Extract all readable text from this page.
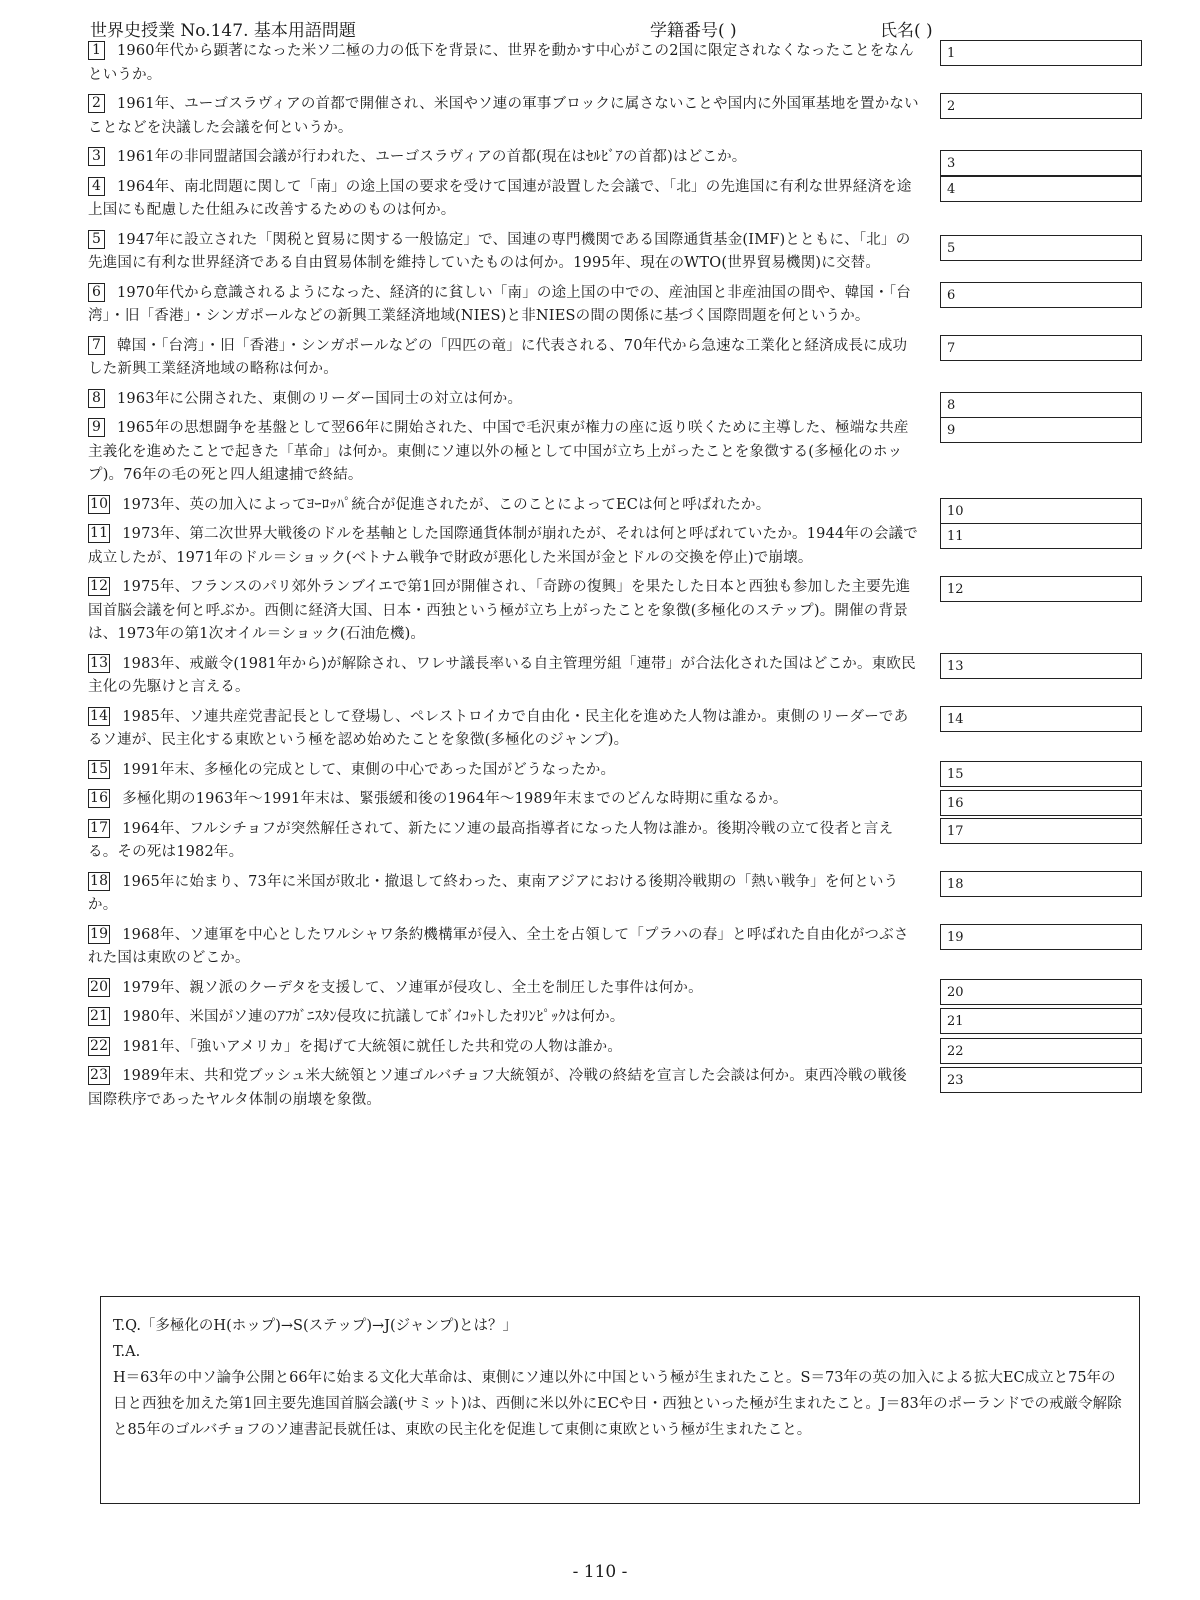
世界史授業 No.147. 基本用語問題	学籍番号( )	氏名( )
1 1960年代から顕著になった米ソ二極の力の低下を背景に、世界を動かす中心がこの2国に限定されなくなったことをなんというか。
1
2 1961年、ユーゴスラヴィアの首都で開催され、米国やソ連の軍事ブロックに属さないことや国内に外国軍基地を置かないことなどを決議した会議を何というか。
2
3 1961年の非同盟諸国会議が行われた、ユーゴスラヴィアの首都(現在はｾﾙﾋﾞｱの首都)はどこか。	3
4 1964年、南北問題に関して「南」の途上国の要求を受けて国連が設置した会議で、「北」の先進国に有利な世界経済を途上国にも配慮した仕組みに改善するためのものは何か。
4
5 1947年に設立された「関税と貿易に関する一般協定」で、国連の専門機関である国際通貨基金(IMF)とともに、「北」の先進国に有利な世界経済である自由貿易体制を維持していたものは何か。1995年、現在のWTO(世界貿易機関)に交替。
5
6 1970年代から意識されるようになった、経済的に貧しい「南」の途上国の中での、産油国と非産油国の間や、韓国・「台湾」・旧「香港」・シンガポールなどの新興工業経済地域(NIES)と非NIESの間の関係に基づく国際問題を何というか。
6
7 韓国・「台湾」・旧「香港」・シンガポールなどの「四匹の竜」に代表される、70年代から急速な工業化と経済成長に成功した新興工業経済地域の略称は何か。
7
8 1963年に公開された、東側のリーダー国同士の対立は何か。	8
9 1965年の思想闘争を基盤として翌66年に開始された、中国で毛沢東が権力の座に返り咲くために主導した、極端な共産主義化を進めたことで起きた「革命」は何か。東側にソ連以外の極として中国が立ち上がったことを象徴する(多極化のホップ)。76年の毛の死と四人組逮捕で終結。
9
10 1973年、英の加入によってﾖｰﾛｯﾊﾟ統合が促進されたが、このことによってECは何と呼ばれたか。	10
11 1973年、第二次世界大戦後のドルを基軸とした国際通貨体制が崩れたが、それは何と呼ばれていたか。1944年の会議で成立したが、1971年のドル＝ショック(ベトナム戦争で財政が悪化した米国が金とドルの交換を停止)で崩壊。
11
12 1975年、フランスのパリ郊外ランブイエで第1回が開催され、「奇跡の復興」を果たした日本と西独も参加した主要先進国首脳会議を何と呼ぶか。西側に経済大国、日本・西独という極が立ち上がったことを象徴(多極化のステップ)。開催の背景は、1973年の第1次オイル＝ショック(石油危機)。
12
13 1983年、戒厳令(1981年から)が解除され、ワレサ議長率いる自主管理労組「連帯」が合法化された国はどこか。東欧民主化の先駆けと言える。
13
14 1985年、ソ連共産党書記長として登場し、ペレストロイカで自由化・民主化を進めた人物は誰か。東側のリーダーであるソ連が、民主化する東欧という極を認め始めたことを象徴(多極化のジャンプ)。
14
15 1991年末、多極化の完成として、東側の中心であった国がどうなったか。	15
16 多極化期の1963年～1991年末は、緊張緩和後の1964年～1989年末までのどんな時期に重なるか。	16
17 1964年、フルシチョフが突然解任されて、新たにソ連の最高指導者になった人物は誰か。後期冷戦の立て役者と言える。その死は1982年。
17
18 1965年に始まり、73年に米国が敗北・撤退して終わった、東南アジアにおける後期冷戦期の「熱い戦争」を何というか。
18
19 1968年、ソ連軍を中心としたワルシャワ条約機構軍が侵入、全土を占領して「プラハの春」と呼ばれた自由化がつぶされた国は東欧のどこか。
19
20 1979年、親ソ派のクーデタを支援して、ソ連軍が侵攻し、全土を制圧した事件は何か。	20
21 1980年、米国がソ連のｱﾌｶﾞﾆｽﾀﾝ侵攻に抗議してﾎﾞｲｺｯﾄしたｵﾘﾝﾋﾟｯｸは何か。	21
22 1981年、「強いアメリカ」を掲げて大統領に就任した共和党の人物は誰か。	22
23 1989年末、共和党ブッシュ米大統領とソ連ゴルバチョフ大統領が、冷戦の終結を宣言した会談は何か。東西冷戦の戦後国際秩序であったヤルタ体制の崩壊を象徴。
23

T.Q.「多極化のH(ホップ)→S(ステップ)→J(ジャンプ)とは？」

T.A.

H＝63年の中ソ論争公開と66年に始まる文化大革命は、東側にソ連以外に中国という極が生まれたこと。S＝73年の英の加入による拡大EC成立と75年の日と西独を加えた第1回主要先進国首脳会議(サミット)は、西側に米以外にECや日・西独といった極が生まれたこと。J＝83年のポーランドでの戒厳令解除と85年のゴルバチョフのソ連書記長就任は、東欧の民主化を促進して東側に東欧という極が生まれたこと。

- 110 -
